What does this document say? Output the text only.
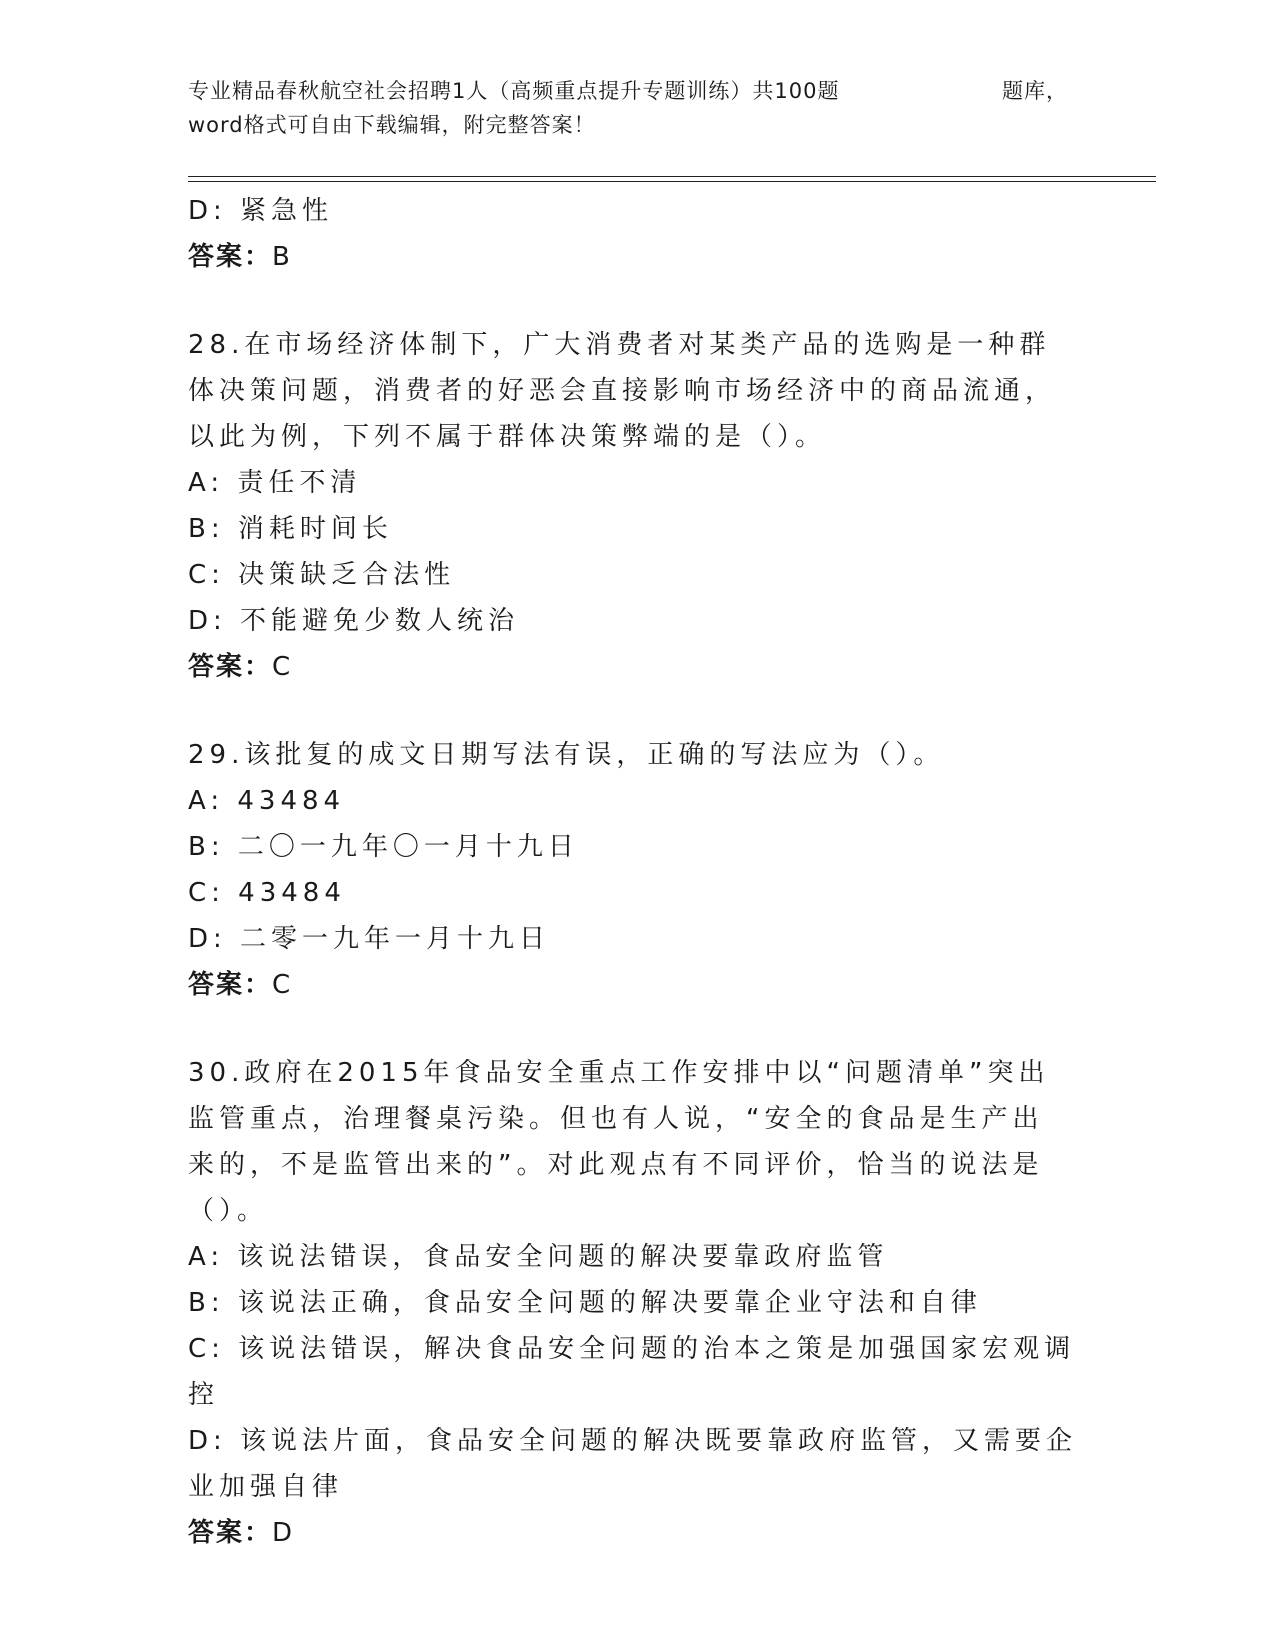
专业精品春秋航空社会招聘1人（高频重点提升专题训练）共100题	题库，
word格式可自由下载编辑，附完整答案！
D: 紧急性
答案：B
28.在市场经济体制下，广大消费者对某类产品的选购是一种群体决策问题，消费者的好恶会直接影响市场经济中的商品流通，以此为例，下列不属于群体决策弊端的是（）。
A: 责任不清
B: 消耗时间长
C: 决策缺乏合法性
D: 不能避免少数人统治
答案：C
29.该批复的成文日期写法有误，正确的写法应为（）。
A: 43484
B: 二〇一九年〇一月十九日
C: 43484
D: 二零一九年一月十九日
答案：C
30.政府在2015年食品安全重点工作安排中以“问题清单”突出监管重点，治理餐桌污染。但也有人说，“安全的食品是生产出来的，不是监管出来的”。对此观点有不同评价，恰当的说法是（）。
A: 该说法错误，食品安全问题的解决要靠政府监管
B: 该说法正确，食品安全问题的解决要靠企业守法和自律
C: 该说法错误，解决食品安全问题的治本之策是加强国家宏观调控
D: 该说法片面，食品安全问题的解决既要靠政府监管，又需要企业加强自律
答案：D
